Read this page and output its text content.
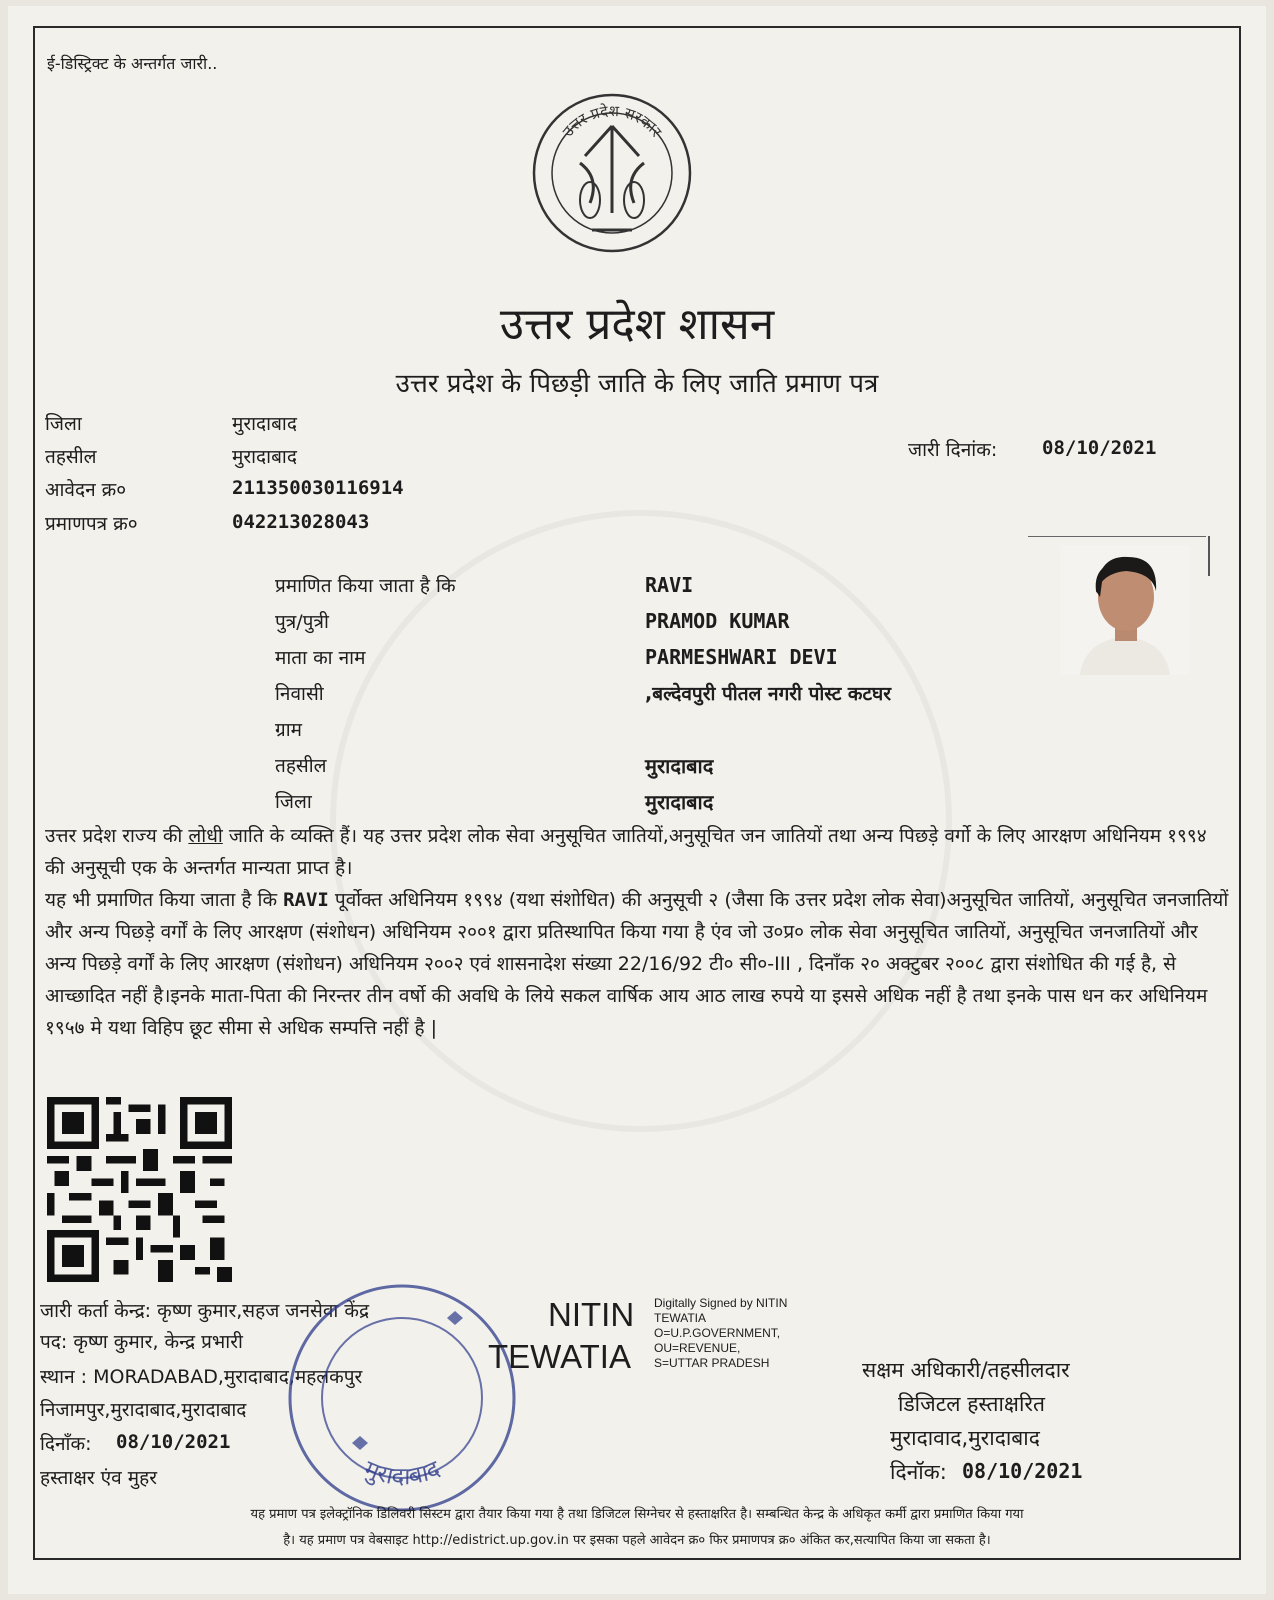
ई-डिस्ट्रिक्ट के अन्तर्गत जारी..
उत्तर प्रदेश सरकार
उत्तर प्रदेश शासन
उत्तर प्रदेश के पिछड़ी जाति के लिए जाति प्रमाण पत्र
जिला	मुरादाबाद
तहसील	मुरादाबाद
आवेदन क्र०	211350030116914
प्रमाणपत्र क्र०	042213028043
जारी दिनांक: 08/10/2021
प्रमाणित किया जाता है कि	RAVI
पुत्र/पुत्री	PRAMOD KUMAR
माता का नाम	PARMESHWARI DEVI
निवासी	,बल्देवपुरी पीतल नगरी पोस्ट कटघर
ग्राम
तहसील	मुरादाबाद
जिला	मुरादाबाद
उत्तर प्रदेश राज्य की लोधी जाति के व्यक्ति हैं। यह उत्तर प्रदेश लोक सेवा अनुसूचित जातियों,अनुसूचित जन जातियों तथा अन्य पिछड़े वर्गो के लिए आरक्षण अधिनियम १९९४ की अनुसूची एक के अन्तर्गत मान्यता प्राप्त है।
यह भी प्रमाणित किया जाता है कि RAVI पूर्वोक्त अधिनियम १९९४ (यथा संशोधित) की अनुसूची २ (जैसा कि उत्तर प्रदेश लोक सेवा)अनुसूचित जातियों, अनुसूचित जनजातियों और अन्य पिछड़े वर्गों के लिए आरक्षण (संशोधन) अधिनियम २००१ द्वारा प्रतिस्थापित किया गया है एंव जो उ०प्र० लोक सेवा अनुसूचित जातियों, अनुसूचित जनजातियों और अन्य पिछड़े वर्गों के लिए आरक्षण (संशोधन) अधिनियम २००२ एवं शासनादेश संख्या 22/16/92 टी० सी०-III , दिनाँक २० अक्टुबर २००८ द्वारा संशोधित की गई है, से आच्छादित नहीं है।इनके माता-पिता की निरन्तर तीन वर्षो की अवधि के लिये सकल वार्षिक आय आठ लाख रुपये या इससे अधिक नहीं है तथा इनके पास धन कर अधिनियम १९५७ मे यथा विहिप छूट सीमा से अधिक सम्पत्ति नहीं है |
जारी कर्ता केन्द्र: कृष्ण कुमार,सहज जनसेवा केंद्र
पद: कृष्ण कुमार, केन्द्र प्रभारी
स्थान : MORADABAD,मुरादाबाद,महलकपुर
निजामपुर,मुरादाबाद,मुरादाबाद
दिनाँक: 08/10/2021
हस्ताक्षर एंव मुहर	मुरादाबाद
NITIN
TEWATIA
Digitally Signed by NITIN
TEWATIA
O=U.P.GOVERNMENT,
OU=REVENUE,
S=UTTAR PRADESH	सक्षम अधिकारी/तहसीलदार
डिजिटल हस्ताक्षरित
मुरादावाद,मुरादाबाद
दिनॉक: 08/10/2021
यह प्रमाण पत्र इलेक्ट्रॉनिक डिलिवरी सिस्टम द्वारा तैयार किया गया है तथा डिजिटल सिग्नेचर से हस्ताक्षरित है। सम्बन्धित केन्द्र के अधिकृत कर्मी द्वारा प्रमाणित किया गया
है। यह प्रमाण पत्र वेबसाइट http://edistrict.up.gov.in पर इसका पहले आवेदन क्र० फिर प्रमाणपत्र क्र० अंकित कर,सत्यापित किया जा सकता है।
